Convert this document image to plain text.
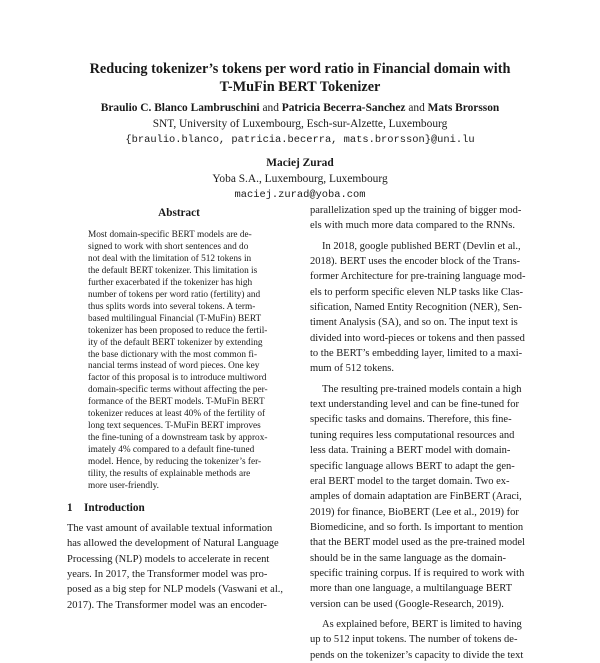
Reducing tokenizer’s tokens per word ratio in Financial domain with
T-MuFin BERT Tokenizer
Braulio C. Blanco Lambruschini and Patricia Becerra-Sanchez and Mats Brorsson
SNT, University of Luxembourg, Esch-sur-Alzette, Luxembourg
{braulio.blanco, patricia.becerra, mats.brorsson}@uni.lu
Maciej Zurad
Yoba S.A., Luxembourg, Luxembourg
maciej.zurad@yoba.com
Abstract
Most domain-specific BERT models are de-
signed to work with short sentences and do
not deal with the limitation of 512 tokens in
the default BERT tokenizer. This limitation is
further exacerbated if the tokenizer has high
number of tokens per word ratio (fertility) and
thus splits words into several tokens. A term-
based multilingual Financial (T-MuFin) BERT
tokenizer has been proposed to reduce the fertil-
ity of the default BERT tokenizer by extending
the base dictionary with the most common fi-
nancial terms instead of word pieces. One key
factor of this proposal is to introduce multiword
domain-specific terms without affecting the per-
formance of the BERT models. T-MuFin BERT
tokenizer reduces at least 40% of the fertility of
long text sequences. T-MuFin BERT improves
the fine-tuning of a downstream task by approx-
imately 4% compared to a default fine-tuned
model. Hence, by reducing the tokenizer’s fer-
tility, the results of explainable methods are
more user-friendly.
1 Introduction
The vast amount of available textual information
has allowed the development of Natural Language
Processing (NLP) models to accelerate in recent
years. In 2017, the Transformer model was pro-
posed as a big step for NLP models (Vaswani et al.,
2017). The Transformer model was an encoder-
parallelization sped up the training of bigger mod-
els with much more data compared to the RNNs.
In 2018, google published BERT (Devlin et al.,
2018). BERT uses the encoder block of the Trans-
former Architecture for pre-training language mod-
els to perform specific eleven NLP tasks like Clas-
sification, Named Entity Recognition (NER), Sen-
timent Analysis (SA), and so on. The input text is
divided into word-pieces or tokens and then passed
to the BERT’s embedding layer, limited to a maxi-
mum of 512 tokens.
The resulting pre-trained models contain a high
text understanding level and can be fine-tuned for
specific tasks and domains. Therefore, this fine-
tuning requires less computational resources and
less data. Training a BERT model with domain-
specific language allows BERT to adapt the gen-
eral BERT model to the target domain. Two ex-
amples of domain adaptation are FinBERT (Araci,
2019) for finance, BioBERT (Lee et al., 2019) for
Biomedicine, and so forth. Is important to mention
that the BERT model used as the pre-trained model
should be in the same language as the domain-
specific training corpus. If is required to work with
more than one language, a multilanguage BERT
version can be used (Google-Research, 2019).
As explained before, BERT is limited to having
up to 512 input tokens. The number of tokens de-
pends on the tokenizer’s capacity to divide the text
